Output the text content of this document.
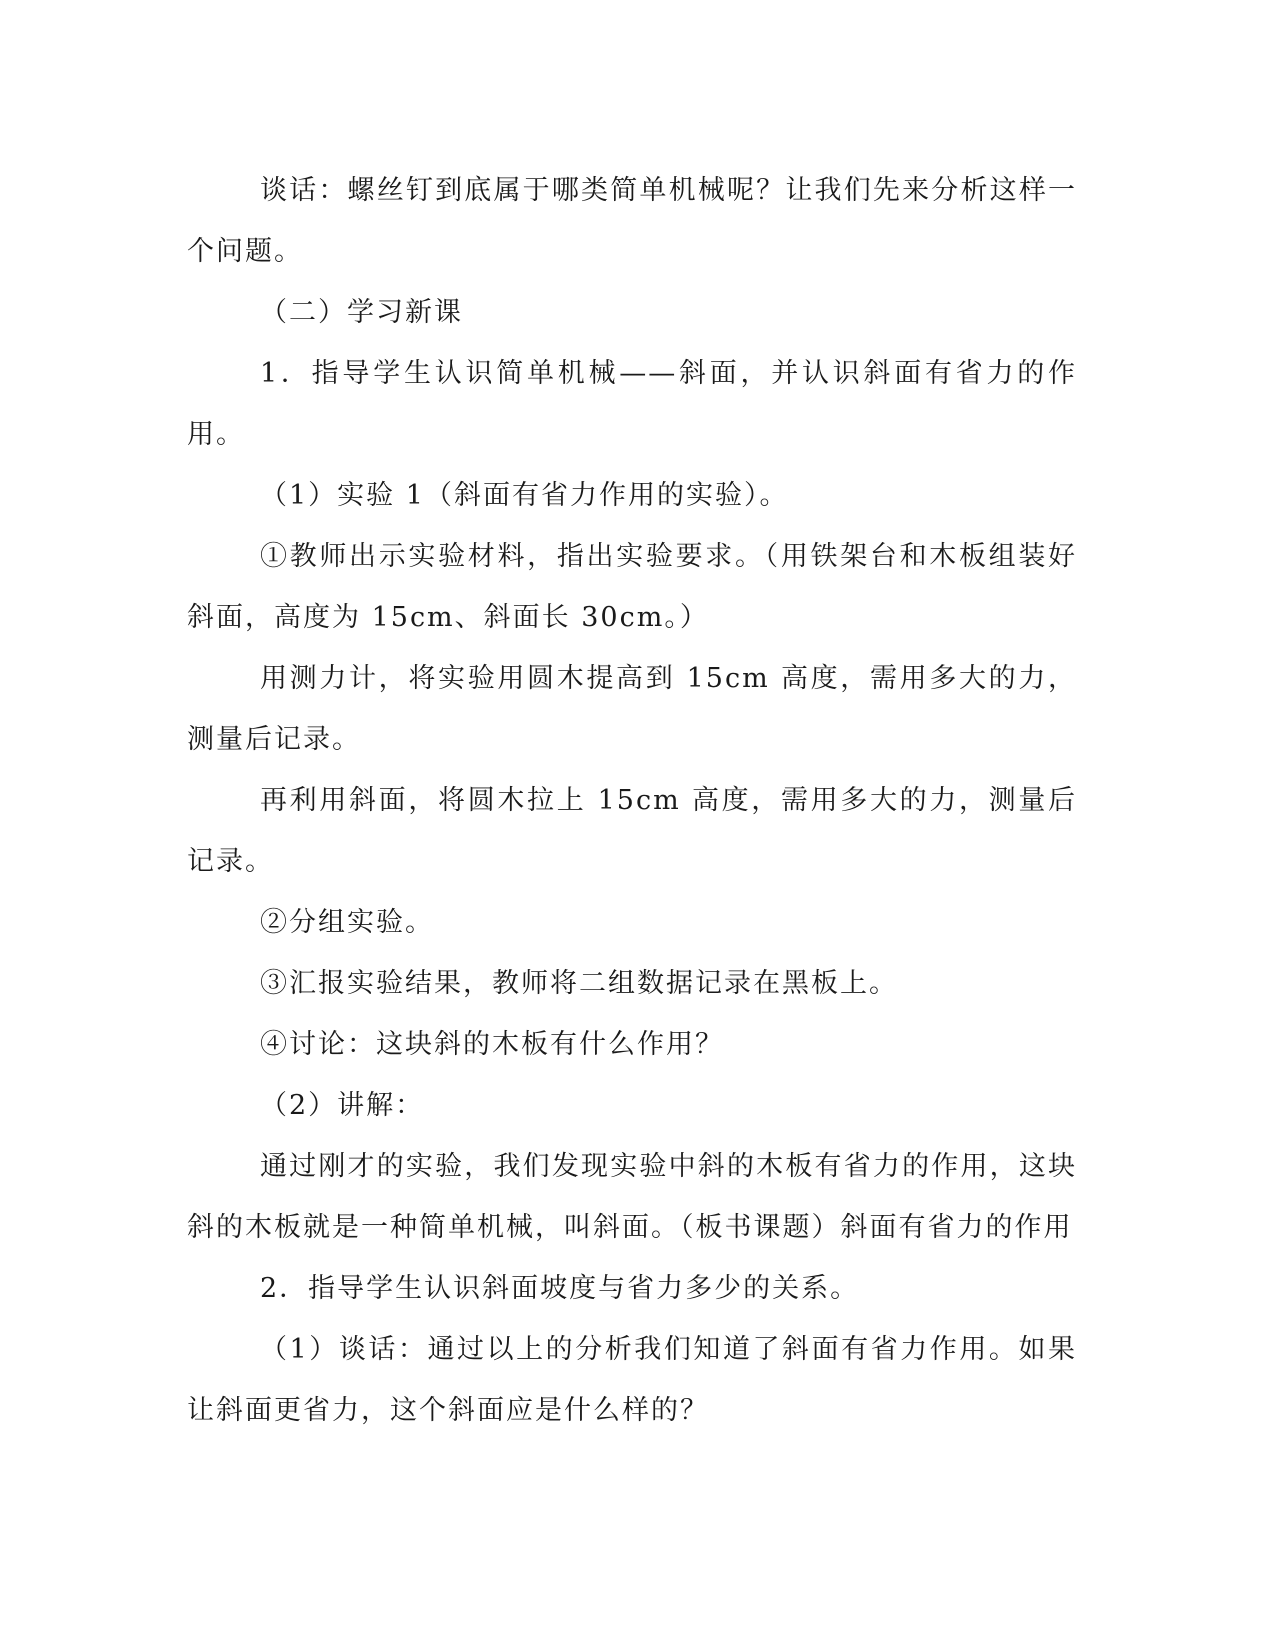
谈话：螺丝钉到底属于哪类简单机械呢？让我们先来分析这样一个问题。

（二）学习新课

1．指导学生认识简单机械——斜面，并认识斜面有省力的作用。

（1）实验 1（斜面有省力作用的实验）。

①教师出示实验材料，指出实验要求。（用铁架台和木板组装好斜面，高度为 15cm、斜面长 30cm。）

用测力计，将实验用圆木提高到 15cm 高度，需用多大的力，测量后记录。

再利用斜面，将圆木拉上 15cm 高度，需用多大的力，测量后记录。

②分组实验。

③汇报实验结果，教师将二组数据记录在黑板上。

④讨论：这块斜的木板有什么作用？

（2）讲解：

通过刚才的实验，我们发现实验中斜的木板有省力的作用，这块斜的木板就是一种简单机械，叫斜面。（板书课题）斜面有省力的作用

2．指导学生认识斜面坡度与省力多少的关系。

（1）谈话：通过以上的分析我们知道了斜面有省力作用。如果让斜面更省力，这个斜面应是什么样的？
